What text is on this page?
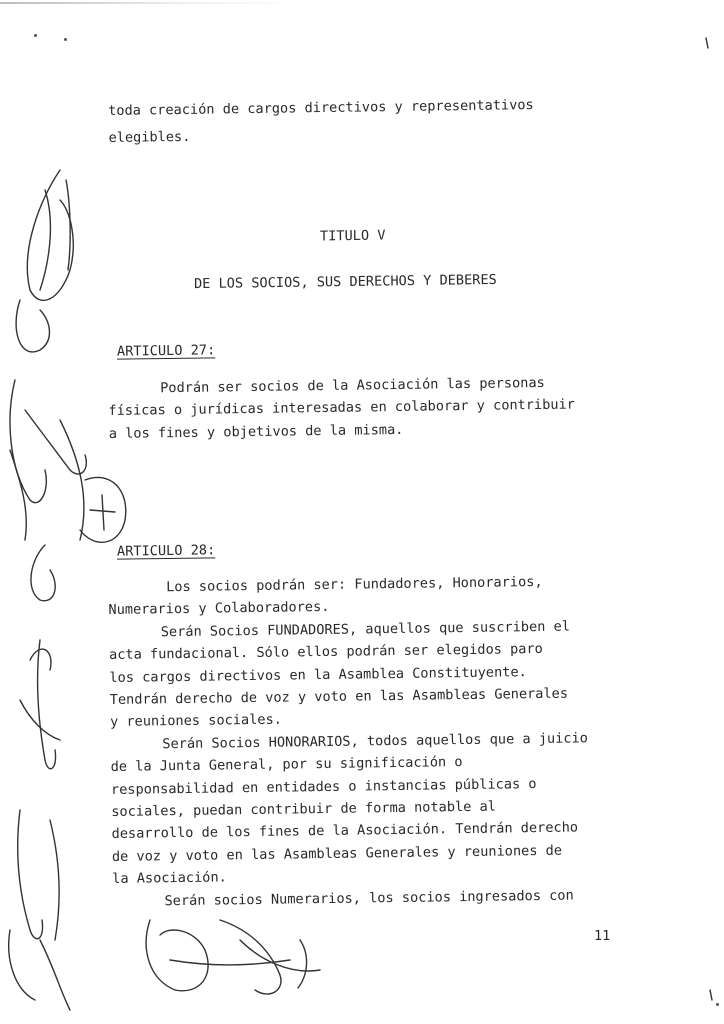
toda creación de cargos directivos y representativos
elegibles.
TITULO V
DE LOS SOCIOS, SUS DERECHOS Y DEBERES
ARTICULO 27:
Podrán ser socios de la Asociación las personas
físicas o jurídicas interesadas en colaborar y contribuir
a los fines y objetivos de la misma.
ARTICULO 28:
Los socios podrán ser: Fundadores, Honorarios,
Numerarios y Colaboradores.
Serán Socios FUNDADORES, aquellos que suscriben el
acta fundacional. Sólo ellos podrán ser elegidos paro
los cargos directivos en la Asamblea Constituyente.
Tendrán derecho de voz y voto en las Asambleas Generales
y reuniones sociales.
Serán Socios HONORARIOS, todos aquellos que a juicio
de la Junta General, por su significación o
responsabilidad en entidades o instancias públicas o
sociales, puedan contribuir de forma notable al
desarrollo de los fines de la Asociación. Tendrán derecho
de voz y voto en las Asambleas Generales y reuniones de
la Asociación.
Serán socios Numerarios, los socios ingresados con
11
